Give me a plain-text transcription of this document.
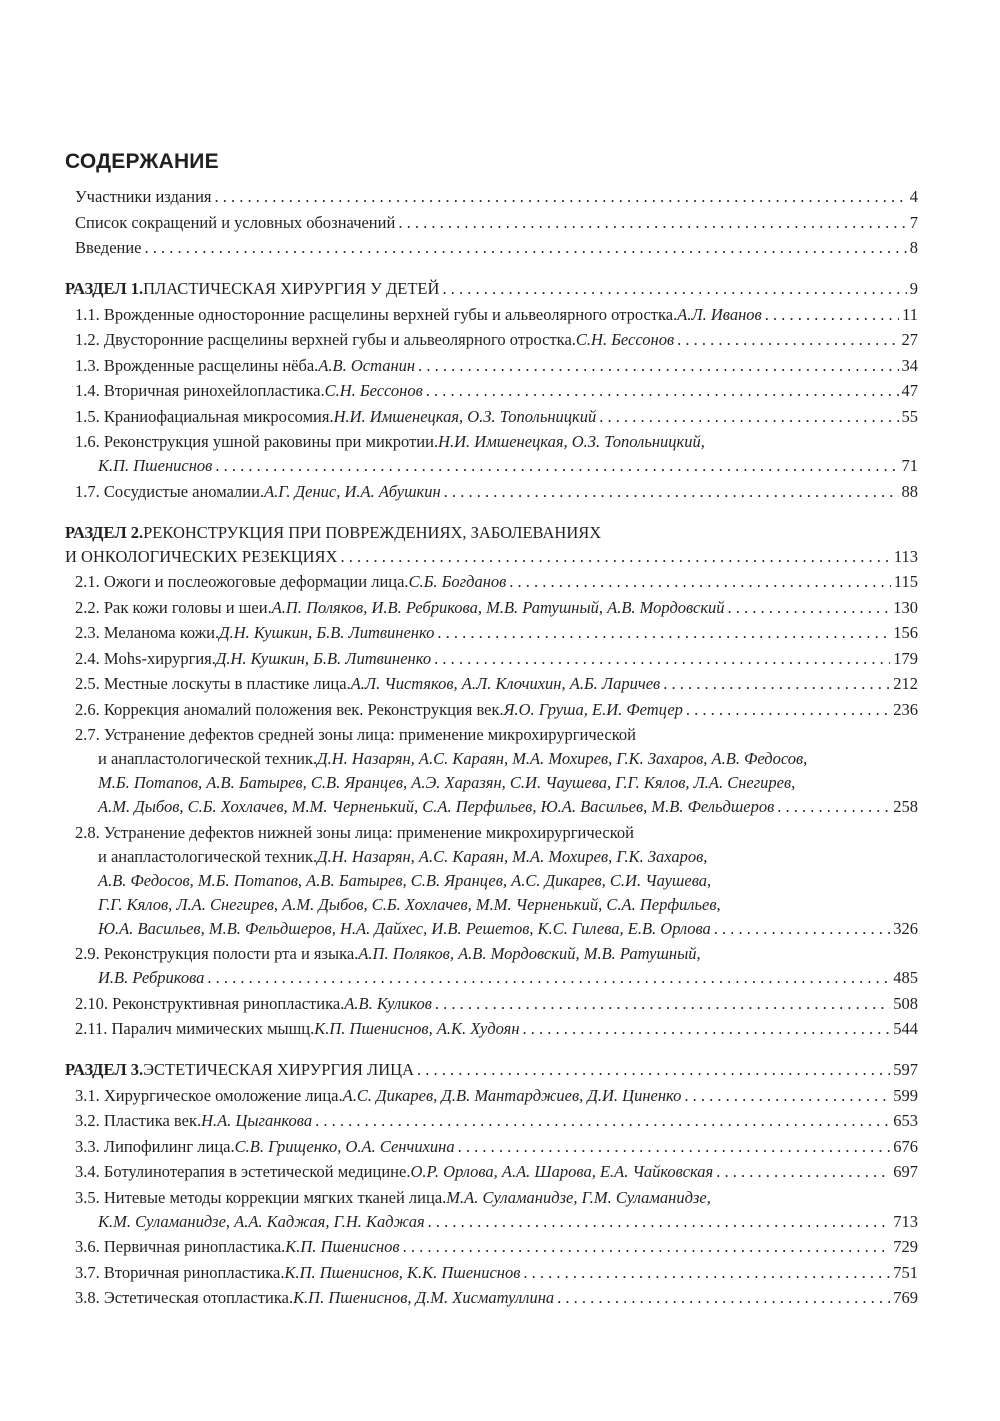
СОДЕРЖАНИЕ
Участники издания . . .	4
Список сокращений и условных обозначений . . .	7
Введение . . .	8
РАЗДЕЛ 1. ПЛАСТИЧЕСКАЯ ХИРУРГИЯ У ДЕТЕЙ . . .	9
1.1. Врожденные односторонние расщелины верхней губы и альвеолярного отростка. А.Л. Иванов . . .	11
1.2. Двусторонние расщелины верхней губы и альвеолярного отростка. С.Н. Бессонов . . .	27
1.3. Врожденные расщелины нёба. А.В. Останин . . .	34
1.4. Вторичная ринохейлопластика. С.Н. Бессонов . . .	47
1.5. Краниофациальная микросомия. Н.И. Имшенецкая, О.З. Топольницкий . . .	55
1.6. Реконструкция ушной раковины при микротии. Н.И. Имшенецкая, О.З. Топольницкий,
К.П. Пшениснов . . .	71
1.7. Сосудистые аномалии. А.Г. Денис, И.А. Абушкин . . .	88
РАЗДЕЛ 2. РЕКОНСТРУКЦИЯ ПРИ ПОВРЕЖДЕНИЯХ, ЗАБОЛЕВАНИЯХ
И ОНКОЛОГИЧЕСКИХ РЕЗЕКЦИЯХ . . .	113
2.1. Ожоги и послеожоговые деформации лица. С.Б. Богданов . . .	115
2.2. Рак кожи головы и шеи. А.П. Поляков, И.В. Ребрикова, М.В. Ратушный, А.В. Мордовский . . .	130
2.3. Меланома кожи. Д.Н. Кушкин, Б.В. Литвиненко . . .	156
2.4. Mohs-хирургия. Д.Н. Кушкин, Б.В. Литвиненко . . .	179
2.5. Местные лоскуты в пластике лица. А.Л. Чистяков, А.Л. Клочихин, А.Б. Ларичев . . .	212
2.6. Коррекция аномалий положения век. Реконструкция век. Я.О. Груша, Е.И. Фетцер . . .	236
2.7. Устранение дефектов средней зоны лица: применение микрохирургической
и анапластологической техник. Д.Н. Назарян, А.С. Караян, М.А. Мохирев, Г.К. Захаров, А.В. Федосов,
М.Б. Потапов, А.В. Батырев, С.В. Яранцев, А.Э. Харазян, С.И. Чаушева, Г.Г. Кялов, Л.А. Снегирев,
А.М. Дыбов, С.Б. Хохлачев, М.М. Черненький, С.А. Перфильев, Ю.А. Васильев, М.В. Фельдшеров . . .	258
2.8. Устранение дефектов нижней зоны лица: применение микрохирургической
и анапластологической техник. Д.Н. Назарян, А.С. Караян, М.А. Мохирев, Г.К. Захаров,
А.В. Федосов, М.Б. Потапов, А.В. Батырев, С.В. Яранцев, А.С. Дикарев, С.И. Чаушева,
Г.Г. Кялов, Л.А. Снегирев, А.М. Дыбов, С.Б. Хохлачев, М.М. Черненький, С.А. Перфильев,
Ю.А. Васильев, М.В. Фельдшеров, Н.А. Дайхес, И.В. Решетов, К.С. Гилева, Е.В. Орлова . . .	326
2.9. Реконструкция полости рта и языка. А.П. Поляков, А.В. Мордовский, М.В. Ратушный,
И.В. Ребрикова . . .	485
2.10. Реконструктивная ринопластика. А.В. Куликов . . .	508
2.11. Паралич мимических мышц. К.П. Пшениснов, А.К. Худоян . . .	544
РАЗДЕЛ 3. ЭСТЕТИЧЕСКАЯ ХИРУРГИЯ ЛИЦА . . .	597
3.1. Хирургическое омоложение лица. А.С. Дикарев, Д.В. Мантарджиев, Д.И. Циненко . . .	599
3.2. Пластика век. Н.А. Цыганкова . . .	653
3.3. Липофилинг лица. С.В. Грищенко, О.А. Сенчихина . . .	676
3.4. Ботулинотерапия в эстетической медицине. О.Р. Орлова, А.А. Шарова, Е.А. Чайковская . . .	697
3.5. Нитевые методы коррекции мягких тканей лица. М.А. Суламанидзе, Г.М. Суламанидзе,
К.М. Суламанидзе, А.А. Каджая, Г.Н. Каджая . . .	713
3.6. Первичная ринопластика. К.П. Пшениснов . . .	729
3.7. Вторичная ринопластика. К.П. Пшениснов, К.К. Пшениснов . . .	751
3.8. Эстетическая отопластика. К.П. Пшениснов, Д.М. Хисматуллина . . .	769
